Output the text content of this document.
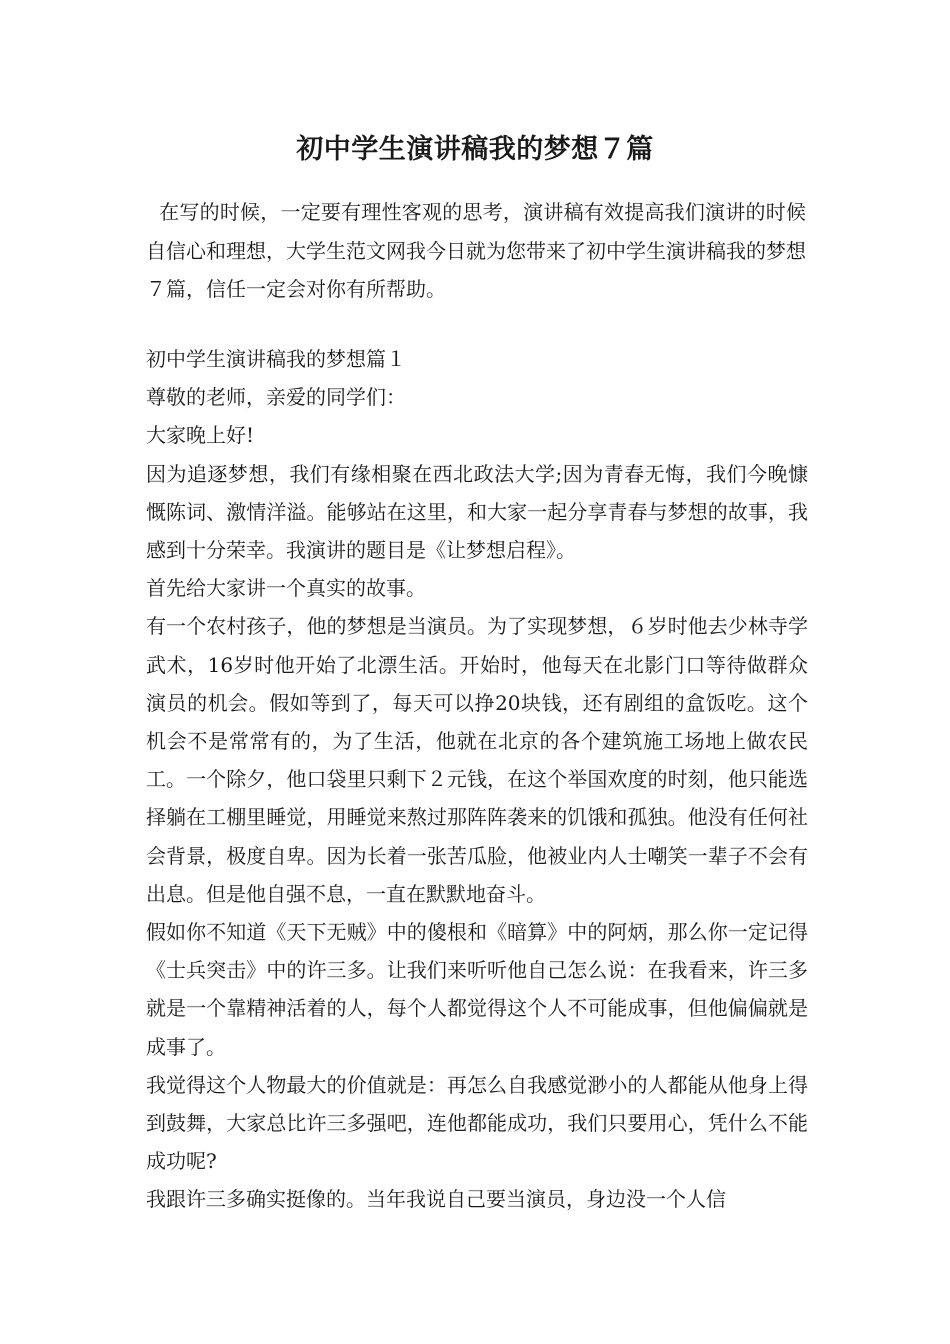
初中学生演讲稿我的梦想７篇

在写的时候，一定要有理性客观的思考，演讲稿有效提高我们演讲的时候自信心和理想，大学生范文网我今日就为您带来了初中学生演讲稿我的梦想７篇，信任一定会对你有所帮助。

初中学生演讲稿我的梦想篇１

尊敬的老师，亲爱的同学们：

大家晚上好!

因为追逐梦想，我们有缘相聚在西北政法大学;因为青春无悔，我们今晚慷慨陈词、激情洋溢。能够站在这里，和大家一起分享青春与梦想的故事，我感到十分荣幸。我演讲的题目是《让梦想启程》。

首先给大家讲一个真实的故事。

有一个农村孩子，他的梦想是当演员。为了实现梦想，６岁时他去少林寺学武术，16岁时他开始了北漂生活。开始时，他每天在北影门口等待做群众演员的机会。假如等到了，每天可以挣20块钱，还有剧组的盒饭吃。这个机会不是常常有的，为了生活，他就在北京的各个建筑施工场地上做农民工。一个除夕，他口袋里只剩下２元钱，在这个举国欢度的时刻，他只能选择躺在工棚里睡觉，用睡觉来熬过那阵阵袭来的饥饿和孤独。他没有任何社会背景，极度自卑。因为长着一张苦瓜脸，他被业内人士嘲笑一辈子不会有出息。但是他自强不息，一直在默默地奋斗。

假如你不知道《天下无贼》中的傻根和《暗算》中的阿炳，那么你一定记得《士兵突击》中的许三多。让我们来听听他自己怎么说：在我看来，许三多就是一个靠精神活着的人，每个人都觉得这个人不可能成事，但他偏偏就是成事了。

我觉得这个人物最大的价值就是：再怎么自我感觉渺小的人都能从他身上得到鼓舞，大家总比许三多强吧，连他都能成功，我们只要用心，凭什么不能成功呢?

我跟许三多确实挺像的。当年我说自己要当演员，身边没一个人信
